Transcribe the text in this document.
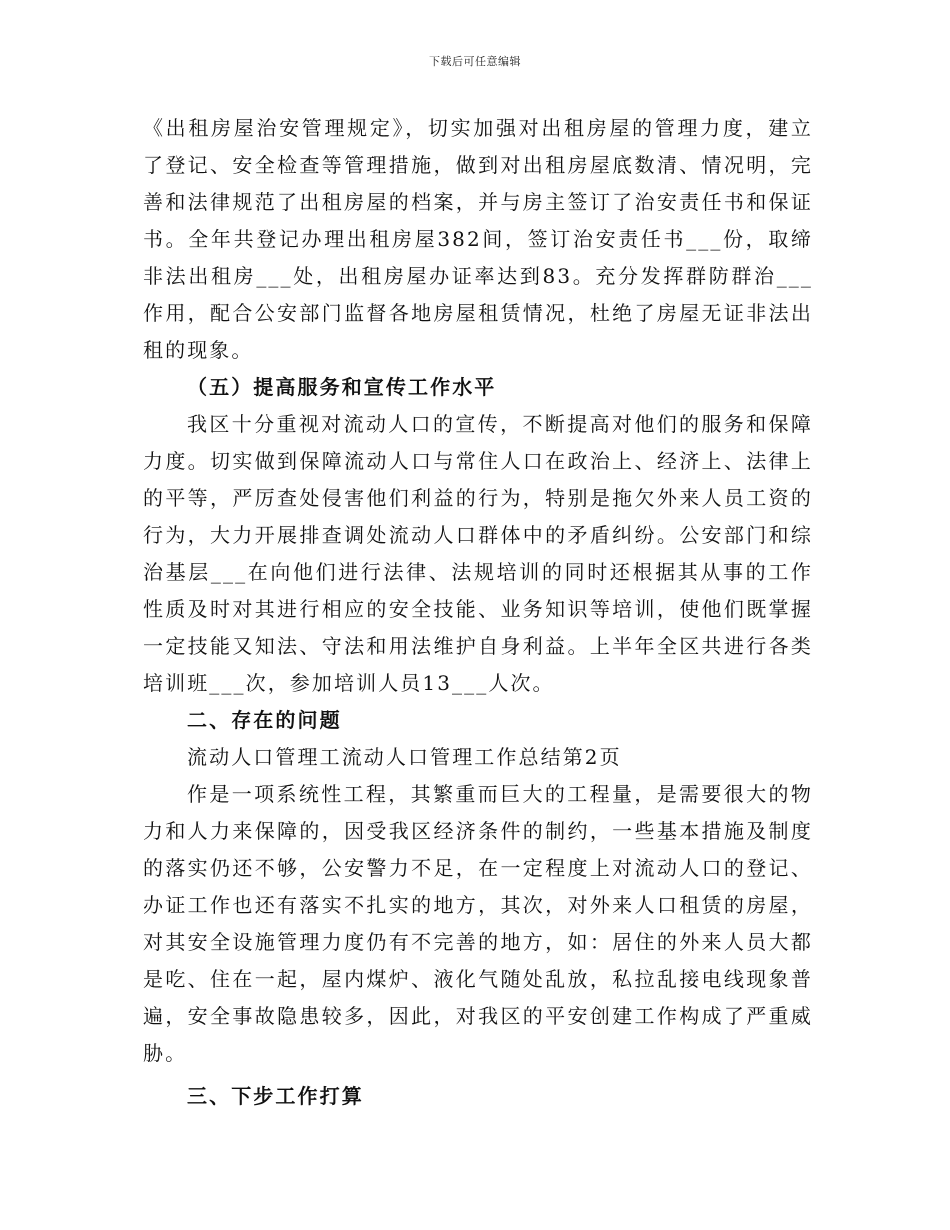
下载后可任意编辑

《出租房屋治安管理规定》，切实加强对出租房屋的管理力度，建立了登记、安全检查等管理措施，做到对出租房屋底数清、情况明，完善和法律规范了出租房屋的档案，并与房主签订了治安责任书和保证书。全年共登记办理出租房屋382间，签订治安责任书___份，取缔非法出租房___处，出租房屋办证率达到83。充分发挥群防群治___作用，配合公安部门监督各地房屋租赁情况，杜绝了房屋无证非法出租的现象。

（五）提高服务和宣传工作水平

我区十分重视对流动人口的宣传，不断提高对他们的服务和保障力度。切实做到保障流动人口与常住人口在政治上、经济上、法律上的平等，严厉查处侵害他们利益的行为，特别是拖欠外来人员工资的行为，大力开展排查调处流动人口群体中的矛盾纠纷。公安部门和综治基层___在向他们进行法律、法规培训的同时还根据其从事的工作性质及时对其进行相应的安全技能、业务知识等培训，使他们既掌握一定技能又知法、守法和用法维护自身利益。上半年全区共进行各类培训班___次，参加培训人员13___人次。

二、存在的问题

流动人口管理工流动人口管理工作总结第2页

作是一项系统性工程，其繁重而巨大的工程量，是需要很大的物力和人力来保障的，因受我区经济条件的制约，一些基本措施及制度的落实仍还不够，公安警力不足，在一定程度上对流动人口的登记、办证工作也还有落实不扎实的地方，其次，对外来人口租赁的房屋，对其安全设施管理力度仍有不完善的地方，如：居住的外来人员大都是吃、住在一起，屋内煤炉、液化气随处乱放，私拉乱接电线现象普遍，安全事故隐患较多，因此，对我区的平安创建工作构成了严重威胁。

三、下步工作打算
